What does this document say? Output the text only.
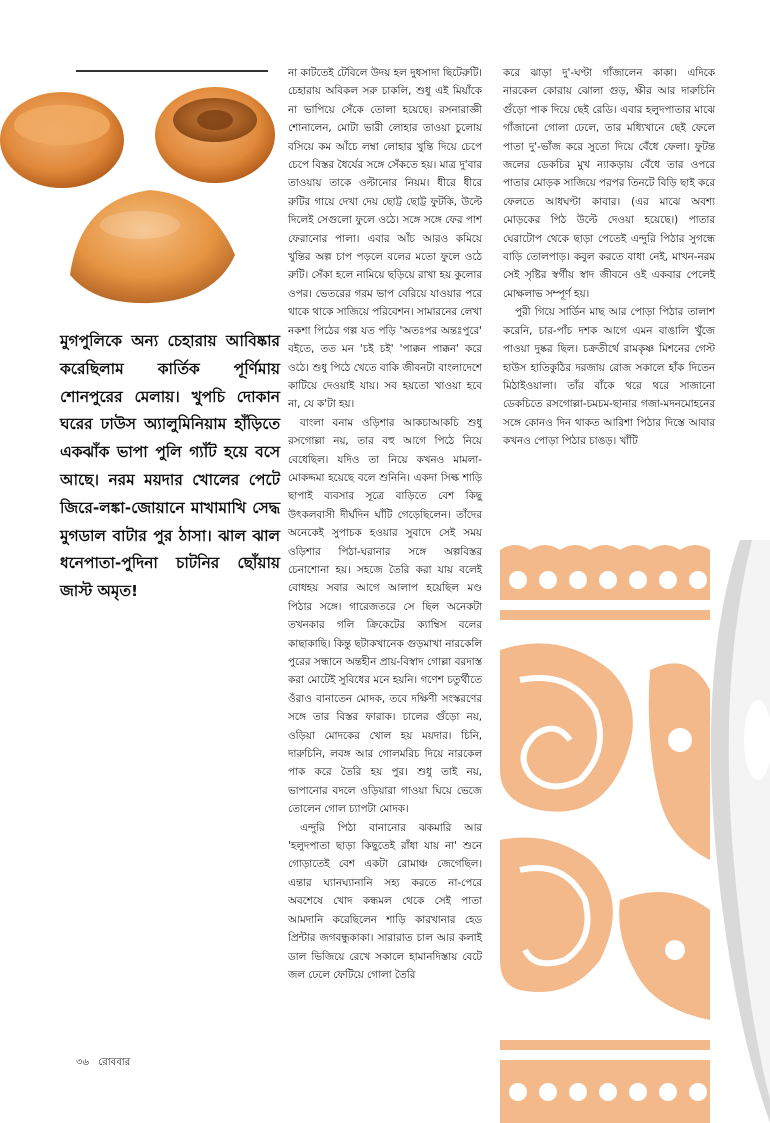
মুগপুলিকে অন্য চেহারায় আবিষ্কার করেছিলাম কার্তিক পূর্ণিমায় শোনপুরের মেলায়। খুপচি দোকান ঘরের ঢাউস অ্যালুমিনিয়াম হাঁড়িতে একঝাঁক ভাপা পুলি গ্যাঁট হয়ে বসে আছে। নরম ময়দার খোলের পেটে জিরে-লঙ্কা-জোয়ানে মাখামাখি সেদ্ধ মুগডাল বাটার পুর ঠাসা। ঝাল ঝাল ধনেপাতা-পুদিনা চাটনির ছোঁয়ায় জাস্ট অমৃত!

না কাটতেই টেবিলে উদয় হল দুধসাদা ছিটেরুটি। চেহারায় অবিকল সরু চাকলি, শুধু এই মিয়াঁকে না ভাপিয়ে সেঁকে তোলা হয়েছে। রসনারাজ্ঞী শোনালেন, মোটা ভারী লোহার তাওয়া চুলোয় বসিয়ে কম আঁচে লম্বা লোহার খুন্তি দিয়ে চেপে চেপে বিস্তর ধৈর্যের সঙ্গে সেঁকতে হয়। মাত্র দু'বার তাওয়ায় তাকে ওল্টানোর নিয়ম। ধীরে ধীরে রুটির গায়ে দেখা দেয় ছোট্ট ছোট্ট ফুটকি, উল্টে দিলেই সেগুলো ফুলে ওঠে। সঙ্গে সঙ্গে ফের পাশ ফেরানোর পালা। এবার আঁচ আরও কমিয়ে খুন্তির অল্প চাপ পড়লে বলের মতো ফুলে ওঠে রুটি। সেঁকা হলে নামিয়ে ছড়িয়ে রাখা হয় কুলোর ওপর। ভেতরের গরম ভাপ বেরিয়ে যাওয়ার পরে থাকে থাকে সাজিয়ে পরিবেশন। সামারনের লেখা নকশা পিঠের গল্প যত পড়ি 'অতঃপর অন্তঃপুরে' বইতে, তত মন 'চই চই' 'পাক্কন পাক্কন' করে ওঠে। শুধু পিঠে খেতে বাকি জীবনটা বাংলাদেশে কাটিয়ে দেওয়াই যায়। সব হয়তো খাওয়া হবে না, যে ক'টা হয়।

বাংলা বনাম ওড়িশার আকচাআকচি শুধু রসগোল্লা নয়, তার বহু আগে পিঠে নিয়ে বেধেছিল। যদিও তা নিয়ে কখনও মামলা-মোকদ্দমা হয়েছে বলে শুনিনি। একদা সিল্ক শাড়ি ছাপাই ব্যবসার সূত্রে বাড়িতে বেশ কিছু উৎকলবাসী দীর্ঘদিন ঘাঁটি গেড়েছিলেন। তাঁদের অনেকেই সুপাচক হওয়ার সুবাদে সেই সময় ওড়িশার পিঠা-ঘরানার সঙ্গে অল্পবিস্তর চেনাশোনা হয়। সহজে তৈরি করা যায় বলেই বোধহয় সবার আগে আলাপ হয়েছিল মণ্ড পিঠার সঙ্গে। গারেজতরে সে ছিল অনেকটা তখনকার গলি ক্রিকেটের ক্যাম্বিস বলের কাছাকাছি। কিন্তু ছটাকখানেক গুড়মাখা নারকেলি পুরের সন্ধানে অন্তহীন প্রায়-বিস্বাদ গোল্লা বরদাস্ত করা মোটেই সুবিধের মনে হয়নি। গণেশ চতুর্থীতে ওঁরাও বানাতেন মোদক, তবে দক্ষিণী সংস্করণের সঙ্গে তার বিস্তর ফারাক। চালের গুঁড়ো নয়, ওড়িয়া মোদকের খোল হয় ময়দার। চিনি, দারুচিনি, লবঙ্গ আর গোলমরিচ দিয়ে নারকেল পাক করে তৈরি হয় পুর। শুধু তাই নয়, ভাপানোর বদলে ওড়িয়ারা গাওয়া ঘিয়ে ভেজে তোলেন গোল চ্যাপটা মোদক।

এন্দুরি পিঠা বানানোর ঝকমারি আর 'হলুদপাতা ছাড়া কিছুতেই রাঁধা যায় না' শুনে গোড়াতেই বেশ একটা রোমাঞ্চ জেগেছিল। এন্তার ঘ্যানঘ্যানানি সহ্য করতে না-পেরে অবশেষে খোদ কন্ধমল থেকে সেই পাতা আমদানি করেছিলেন শাড়ি কারখানার হেড প্রিন্টার জগবন্ধুকাকা। সারারাত চাল আর কলাই ডাল ভিজিয়ে রেখে সকালে হামানদিস্তায় বেটে জল ঢেলে ফেটিয়ে গোলা তৈরি

করে ঝাড়া দু'-ঘণ্টা গাঁজালেন কাকা। এদিকে নারকেল কোরায় ঝোলা গুড়, ক্ষীর আর দারুচিনি গুঁড়ো পাক দিয়ে ছেই রেডি। এবার হলুদপাতার মাঝে গাঁজানো গোলা ঢেলে, তার মধ্যিখানে ছেই ফেলে পাতা দু'-ভাঁজ করে সুতো দিয়ে বেঁধে ফেলা। ফুটন্ত জলের ডেকচির মুখ ন্যাকড়ায় বেঁধে তার ওপরে পাতার মোড়ক সাজিয়ে পরপর তিনটে বিড়ি ছাই করে ফেলতে আধঘণ্টা কাবার। (এর মাঝে অবশ্য মোড়কের পিঠ উল্টে দেওয়া হয়েছে।) পাতার ঘেরাটোপ থেকে ছাড়া পেতেই এন্দুরি পিঠার সুগন্ধে বাড়ি তোলপাড়। কবুল করতে বাধা নেই, মাখন-নরম সেই সৃষ্টির স্বর্গীয় স্বাদ জীবনে ওই একবার পেলেই মোক্ষলাভ সম্পূর্ণ হয়।

পুরী গিয়ে সার্ডিন মাছ আর পোড়া পিঠার তালাশ করেনি, চার-পাঁচ দশক আগে এমন বাঙালি খুঁজে পাওয়া দুষ্কর ছিল। চক্রতীর্থে রামকৃষ্ণ মিশনের গেস্ট হাউস হাতিকুঠির দরজায় রোজ সকালে হাঁক দিতেন মিঠাইওয়ালা। তাঁর বাঁকে থরে থরে সাজানো ডেকচিতে রসগোল্লা-চমচম-ছানার গজা-মদনমোহনের সঙ্গে কোনও দিন থাকত আরিশা পিঠার দিস্তে আবার কখনও পোড়া পিঠার চাঙড়। খাঁটি

৩৬ রোববার
